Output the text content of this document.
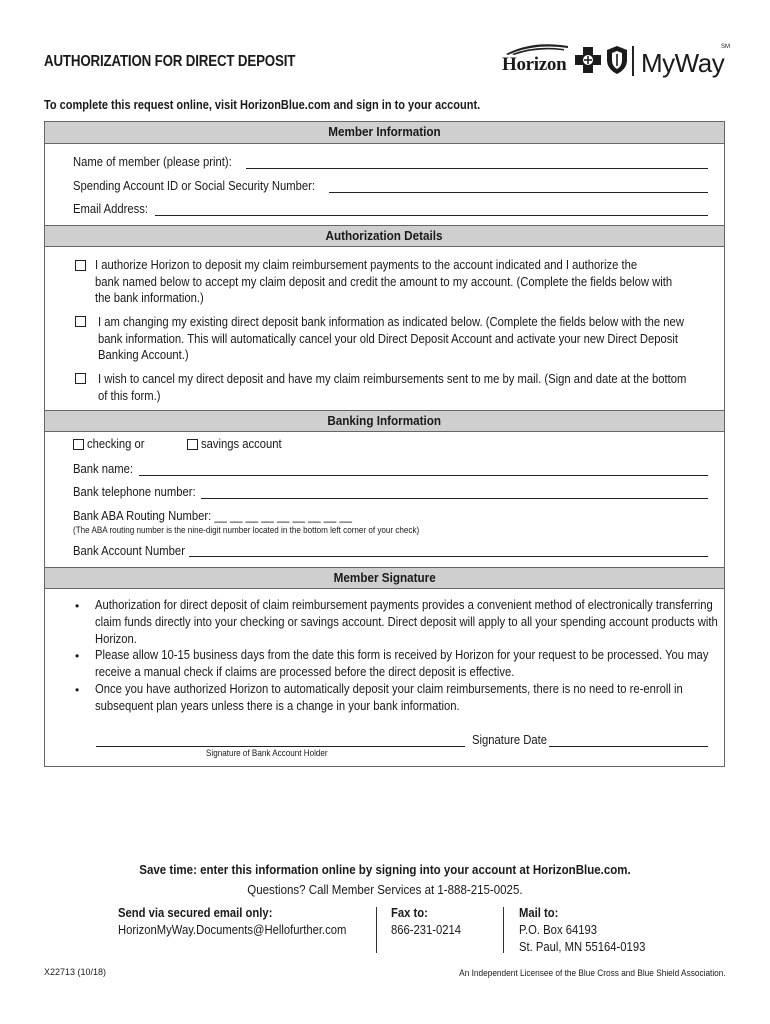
AUTHORIZATION FOR DIRECT DEPOSIT	Horizon	MyWay
SM
To complete this request online, visit HorizonBlue.com and sign in to your account.
Member Information
Name of member (please print):
Spending Account ID or Social Security Number:
Email Address:
Authorization Details
I authorize Horizon to deposit my claim reimbursement payments to the account indicated and I authorize the
bank named below to accept my claim deposit and credit the amount to my account. (Complete the fields below with
the bank information.)
I am changing my existing direct deposit bank information as indicated below. (Complete the fields below with the new
bank information. This will automatically cancel your old Direct Deposit Account and activate your new Direct Deposit
Banking Account.)
I wish to cancel my direct deposit and have my claim reimbursements sent to me by mail. (Sign and date at the bottom
of this form.)
Banking Information
checking or	savings account
Bank name:
Bank telephone number:
Bank ABA Routing Number: __ __ __ __ __ __ __ __ __
(The ABA routing number is the nine-digit number located in the bottom left corner of your check)
Bank Account Number
Member Signature
• Authorization for direct deposit of claim reimbursement payments provides a convenient method of electronically transferring claim funds directly into your checking or savings account. Direct deposit will apply to all your spending account products with Horizon.
• Please allow 10-15 business days from the date this form is received by Horizon for your request to be processed. You may receive a manual check if claims are processed before the direct deposit is effective.
• Once you have authorized Horizon to automatically deposit your claim reimbursements, there is no need to re-enroll in subsequent plan years unless there is a change in your bank information.
Signature Date
Signature of Bank Account Holder
Save time: enter this information online by signing into your account at HorizonBlue.com.
Questions? Call Member Services at 1-888-215-0025.
Send via secured email only:
HorizonMyWay.Documents@Hellofurther.com
Fax to:
866-231-0214
Mail to:
P.O. Box 64193
St. Paul, MN 55164-0193
X22713 (10/18)	An Independent Licensee of the Blue Cross and Blue Shield Association.
